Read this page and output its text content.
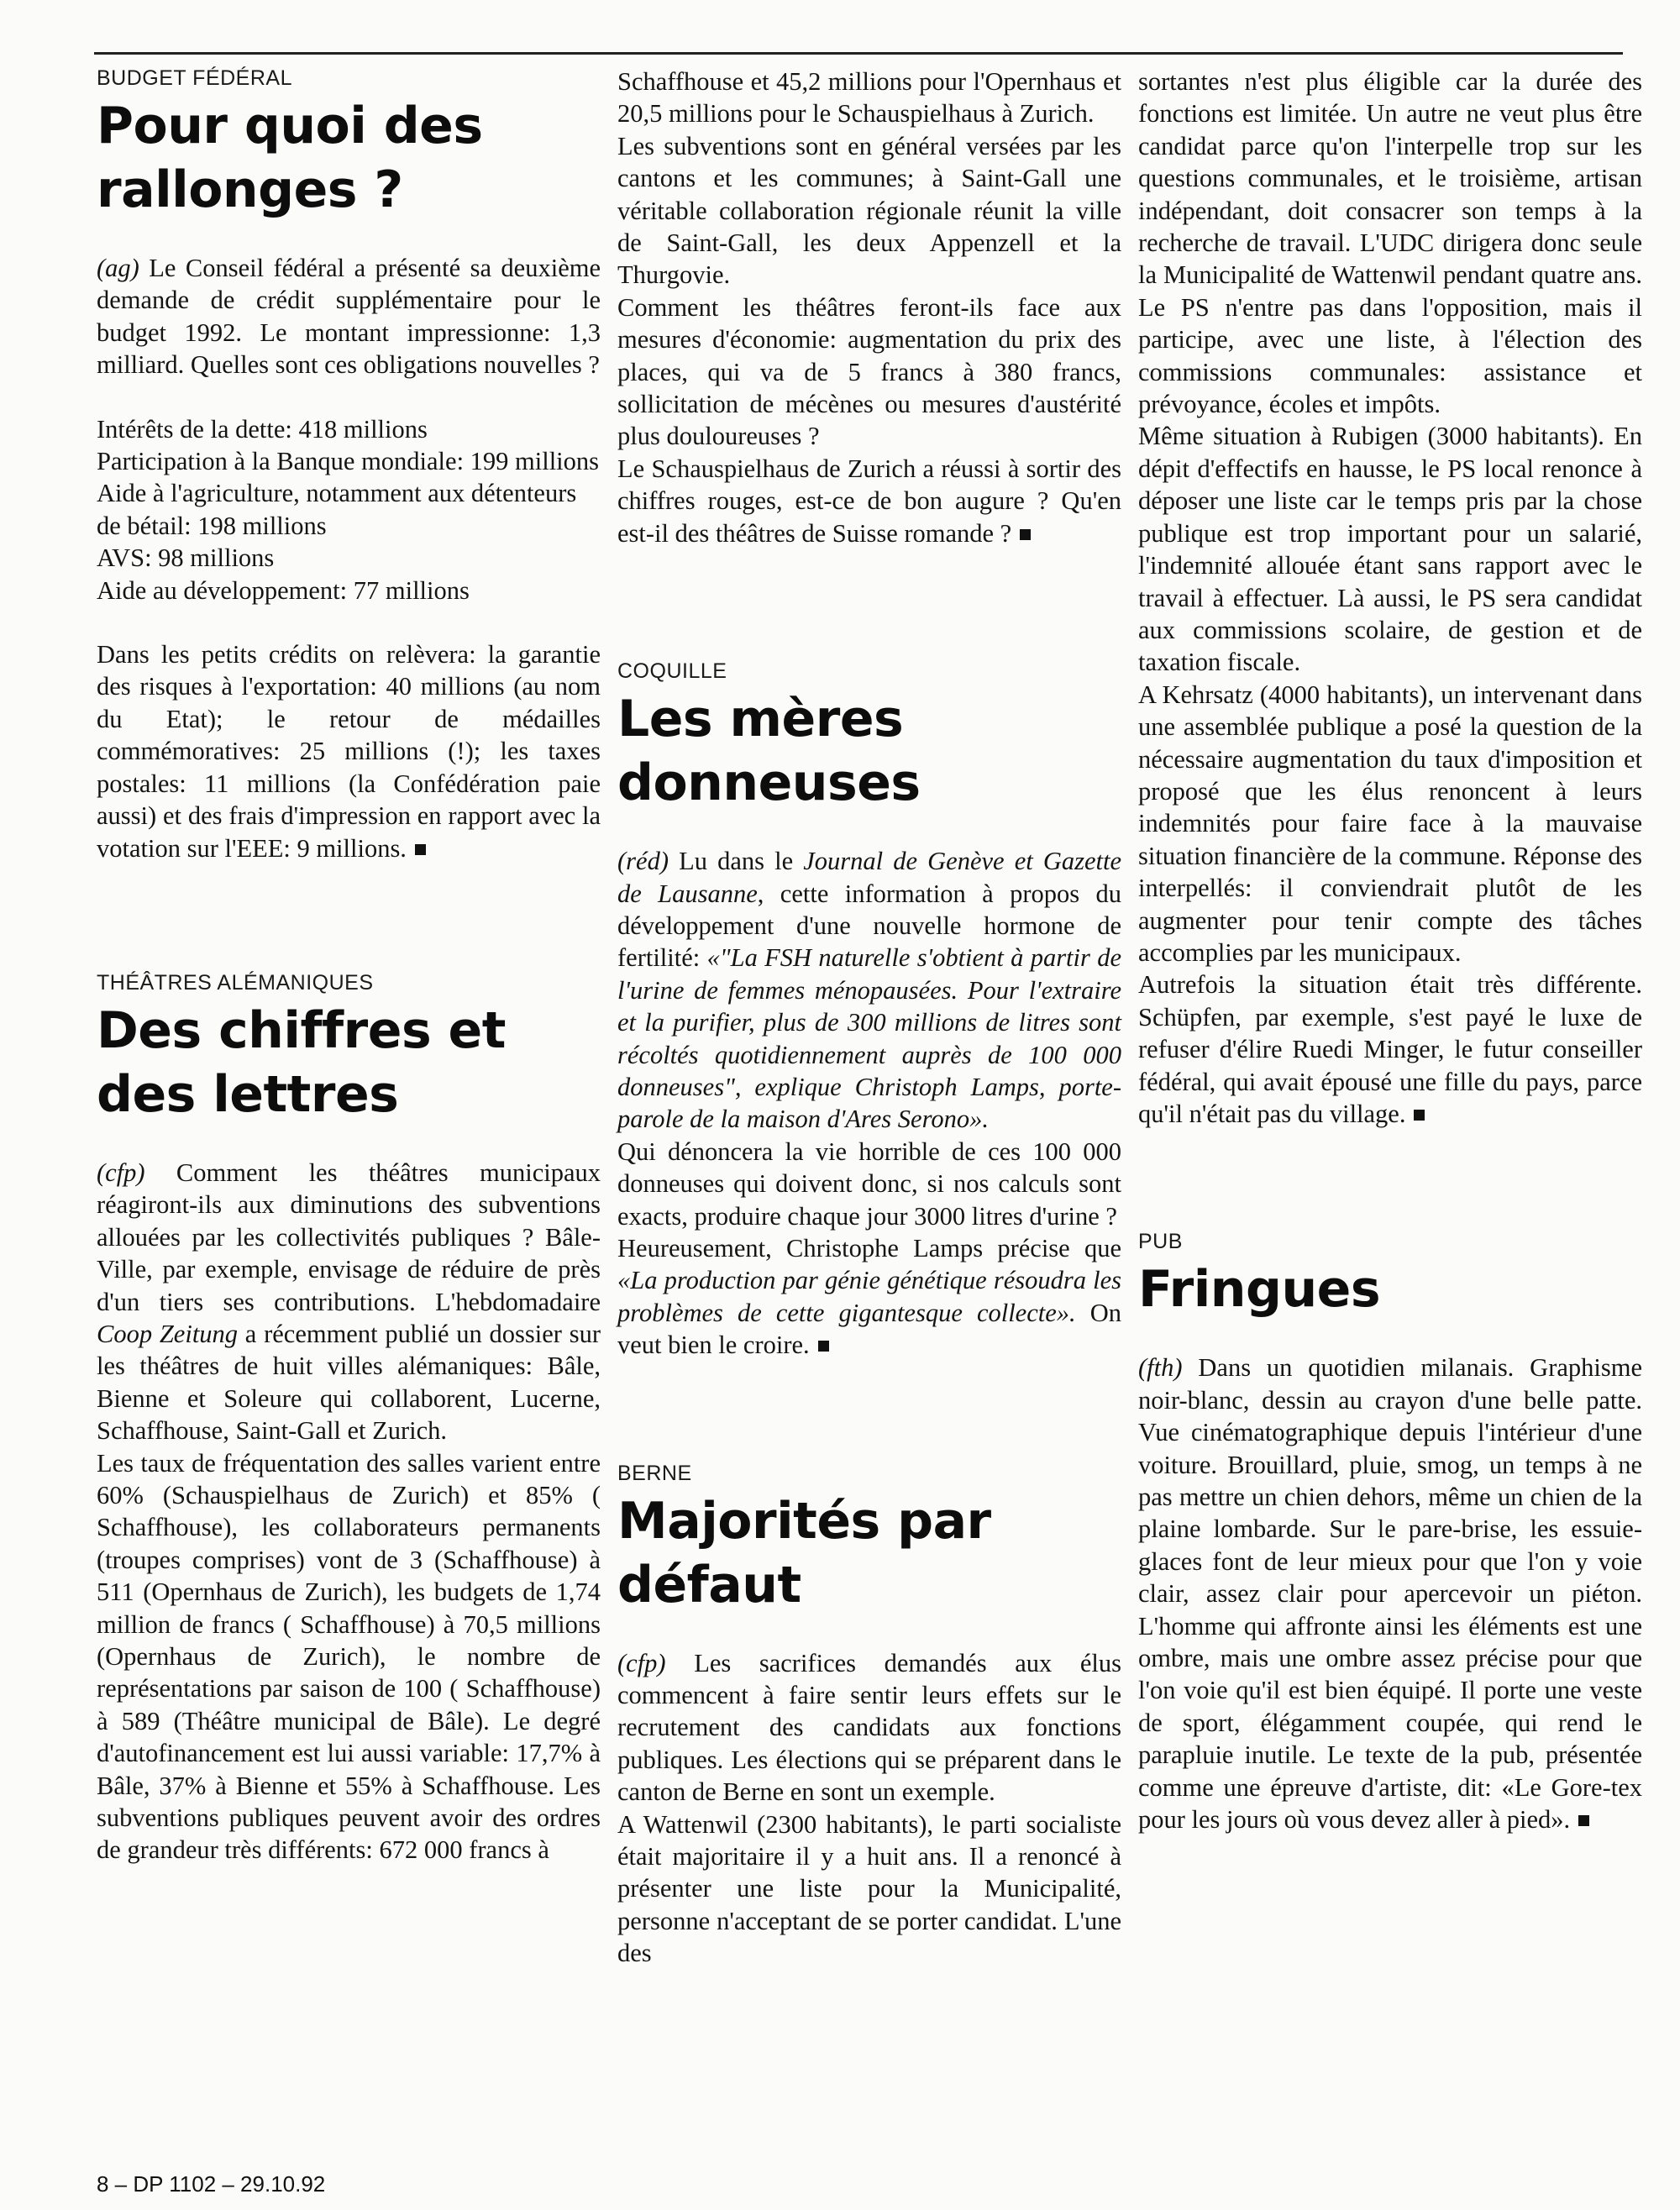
BUDGET FÉDÉRAL
Pour quoi des rallonges ?

(ag) Le Conseil fédéral a présenté sa deuxième demande de crédit supplémentaire pour le budget 1992. Le montant impressionne: 1,3 milliard. Quelles sont ces obligations nouvelles ?

Intérêts de la dette: 418 millions

Participation à la Banque mondiale: 199 millions

Aide à l'agriculture, notamment aux détenteurs de bétail: 198 millions

AVS: 98 millions

Aide au développement: 77 millions

Dans les petits crédits on relèvera: la garantie des risques à l'exportation: 40 millions (au nom du Etat); le retour de médailles commémoratives: 25 millions (!); les taxes postales: 11 millions (la Confédération paie aussi) et des frais d'impression en rapport avec la votation sur l'EEE: 9 millions.

THÉÂTRES ALÉMANIQUES
Des chiffres et des lettres

(cfp) Comment les théâtres municipaux réagiront-ils aux diminutions des subventions allouées par les collectivités publiques ? Bâle-Ville, par exemple, envisage de réduire de près d'un tiers ses contributions. L'hebdomadaire Coop Zeitung a récemment publié un dossier sur les théâtres de huit villes alémaniques: Bâle, Bienne et Soleure qui collaborent, Lucerne, Schaffhouse, Saint-Gall et Zurich.

Les taux de fréquentation des salles varient entre 60% (Schauspielhaus de Zurich) et 85% ( Schaffhouse), les collaborateurs permanents (troupes comprises) vont de 3 (Schaffhouse) à 511 (Opernhaus de Zurich), les budgets de 1,74 million de francs ( Schaffhouse) à 70,5 millions (Opernhaus de Zurich), le nombre de représentations par saison de 100 ( Schaffhouse) à 589 (Théâtre municipal de Bâle). Le degré d'autofinancement est lui aussi variable: 17,7% à Bâle, 37% à Bienne et 55% à Schaffhouse. Les subventions publiques peuvent avoir des ordres de grandeur très différents: 672 000 francs à

Schaffhouse et 45,2 millions pour l'Opernhaus et 20,5 millions pour le Schauspielhaus à Zurich.

Les subventions sont en général versées par les cantons et les communes; à Saint-Gall une véritable collaboration régionale réunit la ville de Saint-Gall, les deux Appenzell et la Thurgovie.

Comment les théâtres feront-ils face aux mesures d'économie: augmentation du prix des places, qui va de 5 francs à 380 francs, sollicitation de mécènes ou mesures d'austérité plus douloureuses ?

Le Schauspielhaus de Zurich a réussi à sortir des chiffres rouges, est-ce de bon augure ? Qu'en est-il des théâtres de Suisse romande ?

COQUILLE
Les mères donneuses

(réd) Lu dans le Journal de Genève et Gazette de Lausanne, cette information à propos du développement d'une nouvelle hormone de fertilité: «"La FSH naturelle s'obtient à partir de l'urine de femmes ménopausées. Pour l'extraire et la purifier, plus de 300 millions de litres sont récoltés quotidiennement auprès de 100 000 donneuses", explique Christoph Lamps, porte-parole de la maison d'Ares Serono».

Qui dénoncera la vie horrible de ces 100 000 donneuses qui doivent donc, si nos calculs sont exacts, produire chaque jour 3000 litres d'urine ?

Heureusement, Christophe Lamps précise que «La production par génie génétique résoudra les problèmes de cette gigantesque collecte». On veut bien le croire.

BERNE
Majorités par défaut

(cfp) Les sacrifices demandés aux élus commencent à faire sentir leurs effets sur le recrutement des candidats aux fonctions publiques. Les élections qui se préparent dans le canton de Berne en sont un exemple.

A Wattenwil (2300 habitants), le parti socialiste était majoritaire il y a huit ans. Il a renoncé à présenter une liste pour la Municipalité, personne n'acceptant de se porter candidat. L'une des

sortantes n'est plus éligible car la durée des fonctions est limitée. Un autre ne veut plus être candidat parce qu'on l'interpelle trop sur les questions communales, et le troisième, artisan indépendant, doit consacrer son temps à la recherche de travail. L'UDC dirigera donc seule la Municipalité de Wattenwil pendant quatre ans. Le PS n'entre pas dans l'opposition, mais il participe, avec une liste, à l'élection des commissions communales: assistance et prévoyance, écoles et impôts.

Même situation à Rubigen (3000 habitants). En dépit d'effectifs en hausse, le PS local renonce à déposer une liste car le temps pris par la chose publique est trop important pour un salarié, l'indemnité allouée étant sans rapport avec le travail à effectuer. Là aussi, le PS sera candidat aux commissions scolaire, de gestion et de taxation fiscale.

A Kehrsatz (4000 habitants), un intervenant dans une assemblée publique a posé la question de la nécessaire augmentation du taux d'imposition et proposé que les élus renoncent à leurs indemnités pour faire face à la mauvaise situation financière de la commune. Réponse des interpellés: il conviendrait plutôt de les augmenter pour tenir compte des tâches accomplies par les municipaux.

Autrefois la situation était très différente. Schüpfen, par exemple, s'est payé le luxe de refuser d'élire Ruedi Minger, le futur conseiller fédéral, qui avait épousé une fille du pays, parce qu'il n'était pas du village.

PUB
Fringues

(fth) Dans un quotidien milanais. Graphisme noir-blanc, dessin au crayon d'une belle patte. Vue cinématographique depuis l'intérieur d'une voiture. Brouillard, pluie, smog, un temps à ne pas mettre un chien dehors, même un chien de la plaine lombarde. Sur le pare-brise, les essuie-glaces font de leur mieux pour que l'on y voie clair, assez clair pour apercevoir un piéton. L'homme qui affronte ainsi les éléments est une ombre, mais une ombre assez précise pour que l'on voie qu'il est bien équipé. Il porte une veste de sport, élégamment coupée, qui rend le parapluie inutile. Le texte de la pub, présentée comme une épreuve d'artiste, dit: «Le Gore-tex pour les jours où vous devez aller à pied».

8 – DP 1102 – 29.10.92
